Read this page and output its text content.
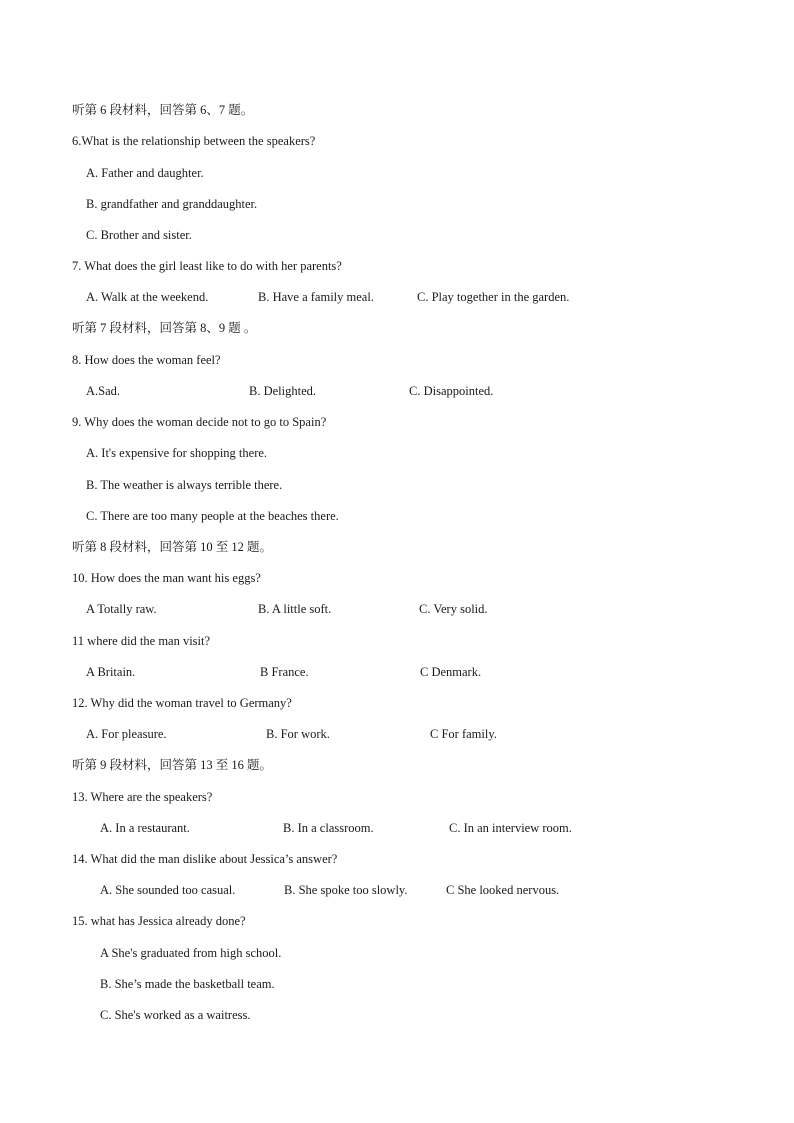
听第 6 段材料，回答第 6、7 题。
6.What is the relationship between the speakers?
A. Father and daughter.
B. grandfather and granddaughter.
C. Brother and sister.
7. What does the girl least like to do with her parents?
A. Walk at the weekend.	B. Have a family meal.	C. Play together in the garden.
听第 7 段材料，回答第 8、9 题 。
8. How does the woman feel?
A.Sad.	B. Delighted.	C. Disappointed.
9. Why does the woman decide not to go to Spain?
A. It's expensive for shopping there.
B. The weather is always terrible there.
C. There are too many people at the beaches there.
听第 8 段材料，回答第 10 至 12 题。
10. How does the man want his eggs?
A Totally raw.	B. A little soft.	C. Very solid.
11 where did the man visit?
A Britain.	B France.	C Denmark.
12. Why did the woman travel to Germany?
A. For pleasure.	B. For work.	C For family.
听第 9 段材料，回答第 13 至 16 题。
13. Where are the speakers?
A. In a restaurant.	B. In a classroom.	C. In an interview room.
14. What did the man dislike about Jessica’s answer?
A. She sounded too casual.	B. She spoke too slowly.	C She looked nervous.
15. what has Jessica already done?
A She's graduated from high school.
B. She’s made the basketball team.
C. She's worked as a waitress.
